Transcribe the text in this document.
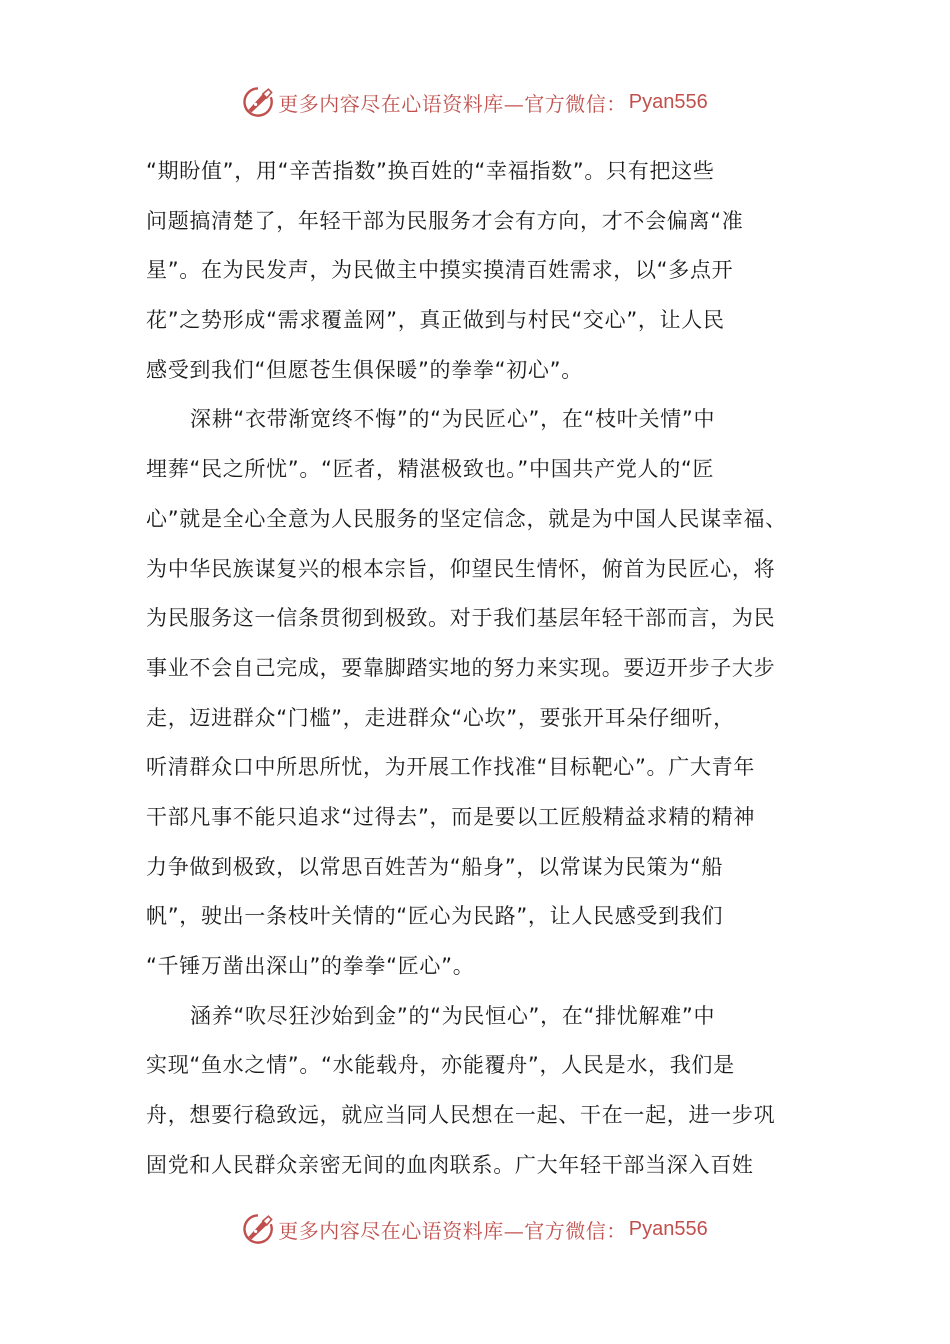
更多内容尽在心语资料库—官方微信： Pyan556
“期盼值”，用“辛苦指数”换百姓的“幸福指数”。只有把这些
问题搞清楚了，年轻干部为民服务才会有方向，才不会偏离“准
星”。在为民发声，为民做主中摸实摸清百姓需求，以“多点开
花”之势形成“需求覆盖网”，真正做到与村民“交心”，让人民
感受到我们“但愿苍生俱保暖”的拳拳“初心”。
深耕“衣带渐宽终不悔”的“为民匠心”，在“枝叶关情”中
埋葬“民之所忧”。“匠者，精湛极致也。”中国共产党人的“匠
心”就是全心全意为人民服务的坚定信念，就是为中国人民谋幸福、
为中华民族谋复兴的根本宗旨，仰望民生情怀，俯首为民匠心，将
为民服务这一信条贯彻到极致。对于我们基层年轻干部而言，为民
事业不会自己完成，要靠脚踏实地的努力来实现。要迈开步子大步
走，迈进群众“门槛”，走进群众“心坎”，要张开耳朵仔细听，
听清群众口中所思所忧，为开展工作找准“目标靶心”。广大青年
干部凡事不能只追求“过得去”，而是要以工匠般精益求精的精神
力争做到极致，以常思百姓苦为“船身”，以常谋为民策为“船
帆”，驶出一条枝叶关情的“匠心为民路”，让人民感受到我们
“千锤万凿出深山”的拳拳“匠心”。
涵养“吹尽狂沙始到金”的“为民恒心”，在“排忧解难”中
实现“鱼水之情”。“水能载舟，亦能覆舟”，人民是水，我们是
舟，想要行稳致远，就应当同人民想在一起、干在一起，进一步巩
固党和人民群众亲密无间的血肉联系。广大年轻干部当深入百姓
更多内容尽在心语资料库—官方微信： Pyan556
